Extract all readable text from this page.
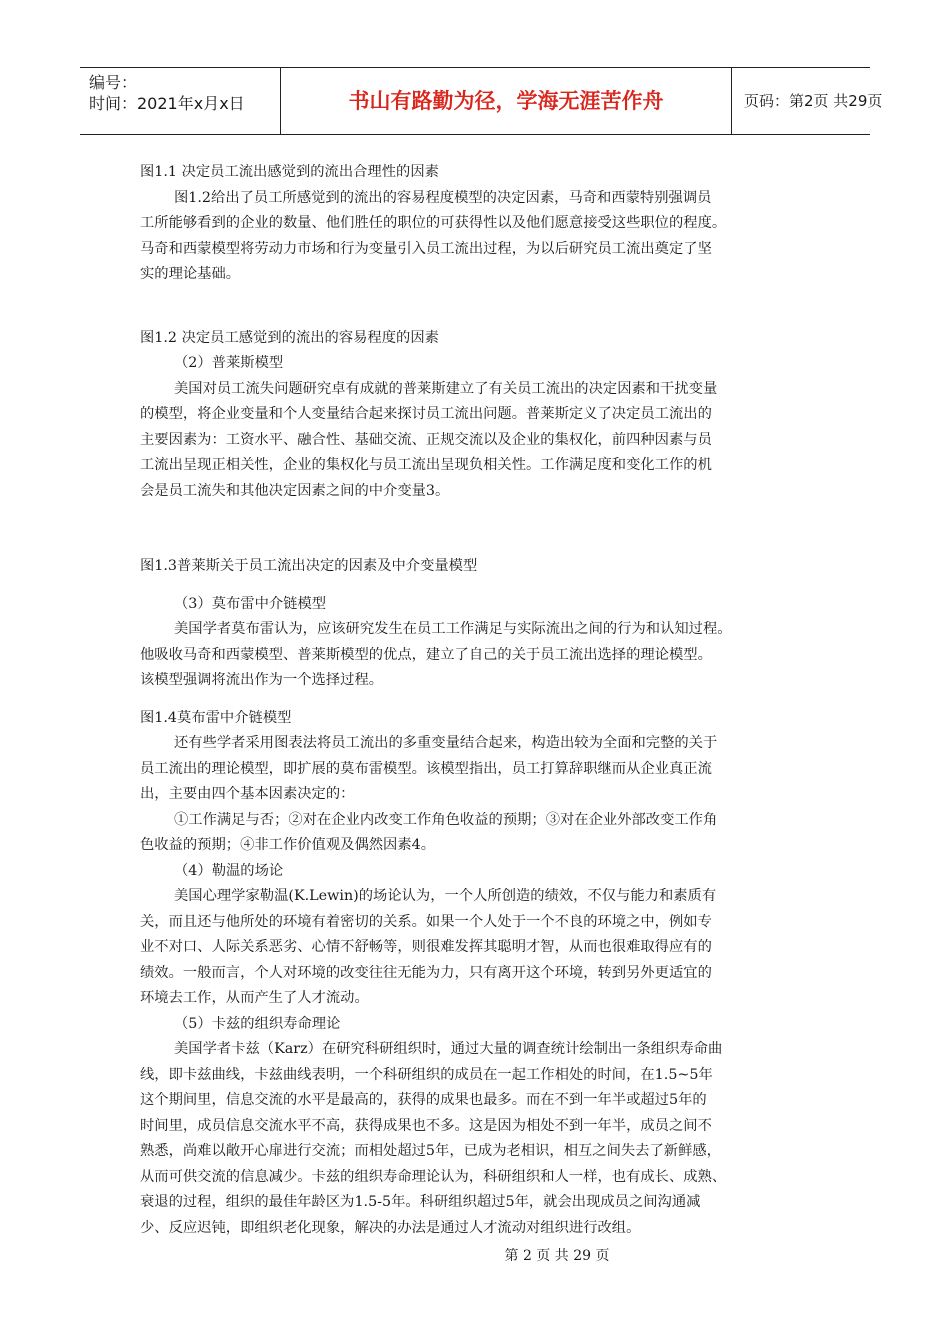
编号：
时间：2021年x月x日	书山有路勤为径，学海无涯苦作舟	页码：第2页 共29页
图1.1 决定员工流出感觉到的流出合理性的因素
图1.2给出了员工所感觉到的流出的容易程度模型的决定因素，马奇和西蒙特别强调员
工所能够看到的企业的数量、他们胜任的职位的可获得性以及他们愿意接受这些职位的程度。
马奇和西蒙模型将劳动力市场和行为变量引入员工流出过程，为以后研究员工流出奠定了坚
实的理论基础。
图1.2 决定员工感觉到的流出的容易程度的因素
（2）普莱斯模型
美国对员工流失问题研究卓有成就的普莱斯建立了有关员工流出的决定因素和干扰变量
的模型，将企业变量和个人变量结合起来探讨员工流出问题。普莱斯定义了决定员工流出的
主要因素为：工资水平、融合性、基础交流、正规交流以及企业的集权化，前四种因素与员
工流出呈现正相关性，企业的集权化与员工流出呈现负相关性。工作满足度和变化工作的机
会是员工流失和其他决定因素之间的中介变量3。
图1.3普莱斯关于员工流出决定的因素及中介变量模型
（3）莫布雷中介链模型
美国学者莫布雷认为，应该研究发生在员工工作满足与实际流出之间的行为和认知过程。
他吸收马奇和西蒙模型、普莱斯模型的优点，建立了自己的关于员工流出选择的理论模型。
该模型强调将流出作为一个选择过程。
图1.4莫布雷中介链模型
还有些学者采用图表法将员工流出的多重变量结合起来，构造出较为全面和完整的关于
员工流出的理论模型，即扩展的莫布雷模型。该模型指出，员工打算辞职继而从企业真正流
出，主要由四个基本因素决定的：
①工作满足与否；②对在企业内改变工作角色收益的预期；③对在企业外部改变工作角
色收益的预期；④非工作价值观及偶然因素4。
（4）勒温的场论
美国心理学家勒温(K.Lewin)的场论认为，一个人所创造的绩效，不仅与能力和素质有
关，而且还与他所处的环境有着密切的关系。如果一个人处于一个不良的环境之中，例如专
业不对口、人际关系恶劣、心情不舒畅等，则很难发挥其聪明才智，从而也很难取得应有的
绩效。一般而言，个人对环境的改变往往无能为力，只有离开这个环境，转到另外更适宜的
环境去工作，从而产生了人才流动。
（5）卡兹的组织寿命理论
美国学者卡兹（Karz）在研究科研组织时，通过大量的调查统计绘制出一条组织寿命曲
线，即卡兹曲线，卡兹曲线表明，一个科研组织的成员在一起工作相处的时间，在1.5~5年
这个期间里，信息交流的水平是最高的，获得的成果也最多。而在不到一年半或超过5年的
时间里，成员信息交流水平不高，获得成果也不多。这是因为相处不到一年半，成员之间不
熟悉，尚难以敞开心扉进行交流；而相处超过5年，已成为老相识，相互之间失去了新鲜感，
从而可供交流的信息减少。卡兹的组织寿命理论认为，科研组织和人一样，也有成长、成熟、
衰退的过程，组织的最佳年龄区为1.5-5年。科研组织超过5年，就会出现成员之间沟通减
少、反应迟钝，即组织老化现象，解决的办法是通过人才流动对组织进行改组。
第 2 页 共 29 页
